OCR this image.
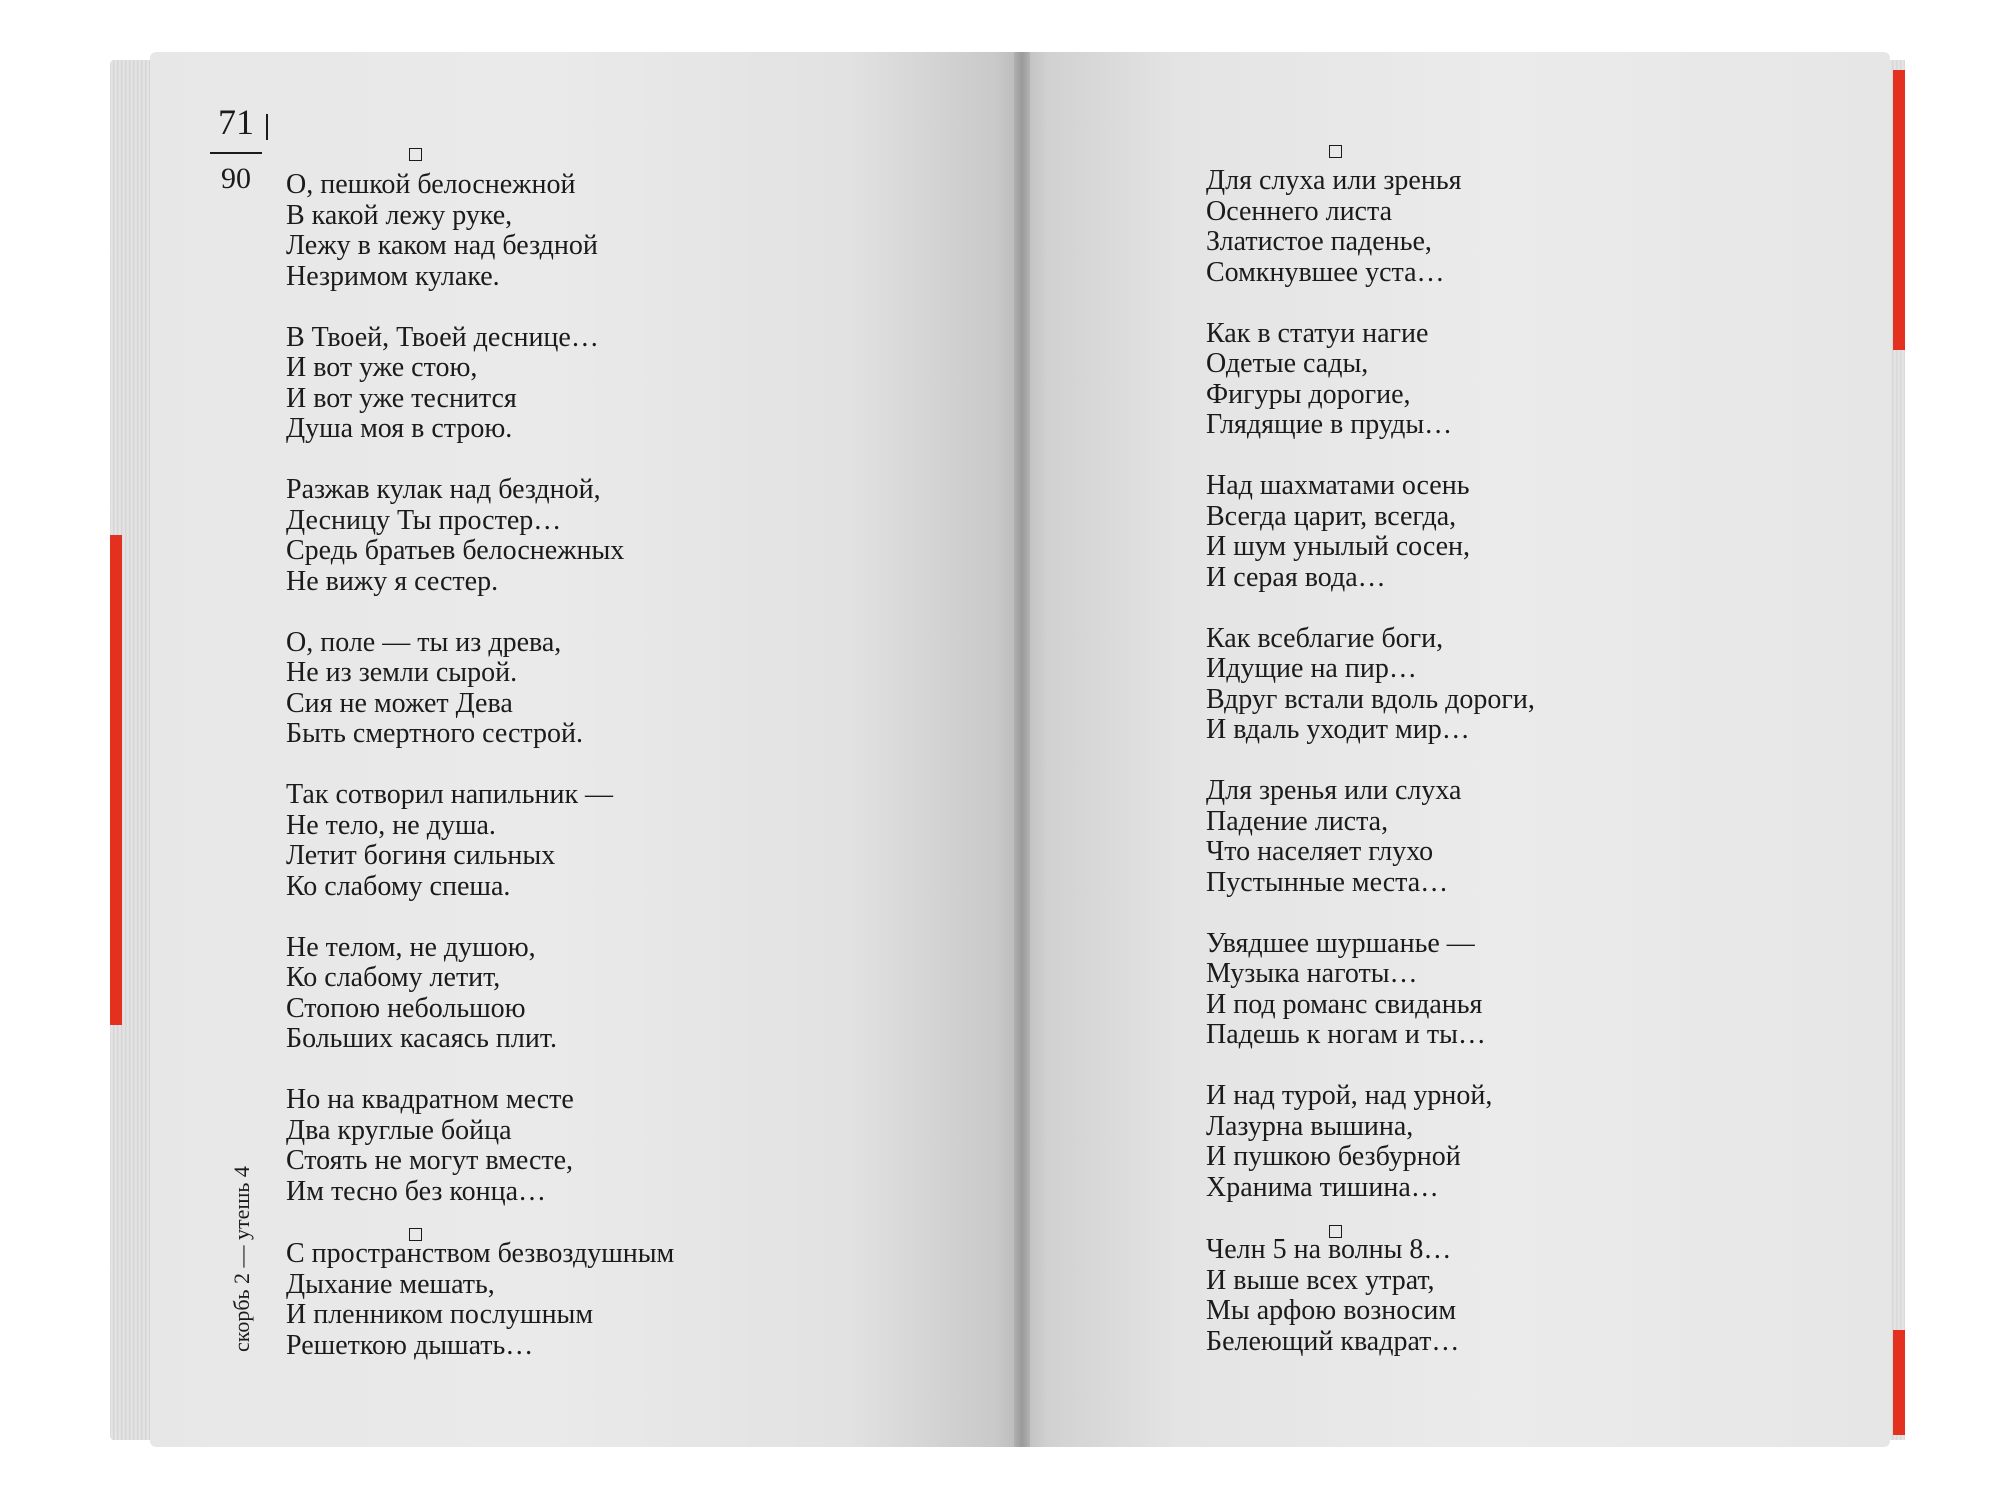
71
90
скорбь 2 — утешь 4

О, пешкой белоснежной

В какой лежу руке,

Лежу в каком над бездной

Незримом кулаке.

В Твоей, Твоей деснице…

И вот уже стою,

И вот уже теснится

Душа моя в строю.

Разжав кулак над бездной,

Десницу Ты простер…

Средь братьев белоснежных

Не вижу я сестер.

О, поле — ты из древа,

Не из земли сырой.

Сия не может Дева

Быть смертного сестрой.

Так сотворил напильник —

Не тело, не душа.

Летит богиня сильных

Ко слабому спеша.

Не телом, не душою,

Ко слабому летит,

Стопою небольшою

Больших касаясь плит.

Но на квадратном месте

Два круглые бойца

Стоять не могут вместе,

Им тесно без конца…

С пространством безвоздушным

Дыхание мешать,

И пленником послушным

Решеткою дышать…

Для слуха или зренья

Осеннего листа

Златистое паденье,

Сомкнувшее уста…

Как в статуи нагие

Одетые сады,

Фигуры дорогие,

Глядящие в пруды…

Над шахматами осень

Всегда царит, всегда,

И шум унылый сосен,

И серая вода…

Как всеблагие боги,

Идущие на пир…

Вдруг встали вдоль дороги,

И вдаль уходит мир…

Для зренья или слуха

Падение листа,

Что населяет глухо

Пустынные места…

Увядшее шуршанье —

Музыка наготы…

И под романс свиданья

Падешь к ногам и ты…

И над турой, над урной,

Лазурна вышина,

И пушкою безбурной

Хранима тишина…

Челн 5 на волны 8…

И выше всех утрат,

Мы арфою возносим

Белеющий квадрат…
